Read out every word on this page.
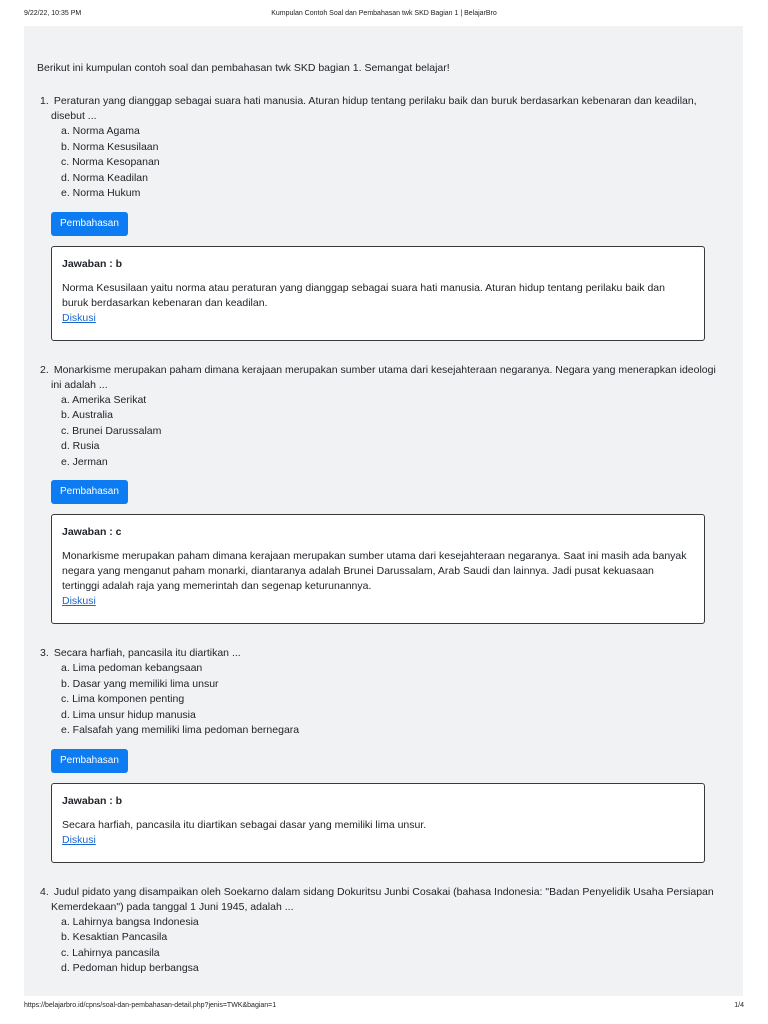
9/22/22, 10:35 PM	Kumpulan Contoh Soal dan Pembahasan twk SKD Bagian 1 | BelajarBro

Berikut ini kumpulan contoh soal dan pembahasan twk SKD bagian 1. Semangat belajar!

1. Peraturan yang dianggap sebagai suara hati manusia. Aturan hidup tentang perilaku baik dan buruk berdasarkan kebenaran dan keadilan, disebut ...

a. Norma Agama
b. Norma Kesusilaan
c. Norma Kesopanan
d. Norma Keadilan
e. Norma Hukum
Pembahasan

Jawaban : b

Norma Kesusilaan yaitu norma atau peraturan yang dianggap sebagai suara hati manusia. Aturan hidup tentang perilaku baik dan buruk berdasarkan kebenaran dan keadilan.

Diskusi

2. Monarkisme merupakan paham dimana kerajaan merupakan sumber utama dari kesejahteraan negaranya. Negara yang menerapkan ideologi ini adalah ...

a. Amerika Serikat
b. Australia
c. Brunei Darussalam
d. Rusia
e. Jerman
Pembahasan

Jawaban : c

Monarkisme merupakan paham dimana kerajaan merupakan sumber utama dari kesejahteraan negaranya. Saat ini masih ada banyak negara yang menganut paham monarki, diantaranya adalah Brunei Darussalam, Arab Saudi dan lainnya. Jadi pusat kekuasaan tertinggi adalah raja yang memerintah dan segenap keturunannya.

Diskusi

3. Secara harfiah, pancasila itu diartikan ...

a. Lima pedoman kebangsaan
b. Dasar yang memiliki lima unsur
c. Lima komponen penting
d. Lima unsur hidup manusia
e. Falsafah yang memiliki lima pedoman bernegara
Pembahasan

Jawaban : b

Secara harfiah, pancasila itu diartikan sebagai dasar yang memiliki lima unsur.

Diskusi

4. Judul pidato yang disampaikan oleh Soekarno dalam sidang Dokuritsu Junbi Cosakai (bahasa Indonesia: "Badan Penyelidik Usaha Persiapan Kemerdekaan") pada tanggal 1 Juni 1945, adalah ...

a. Lahirnya bangsa Indonesia
b. Kesaktian Pancasila
c. Lahirnya pancasila
d. Pedoman hidup berbangsa
https://belajarbro.id/cpns/soal-dan-pembahasan-detail.php?jenis=TWK&bagian=1	1/4
